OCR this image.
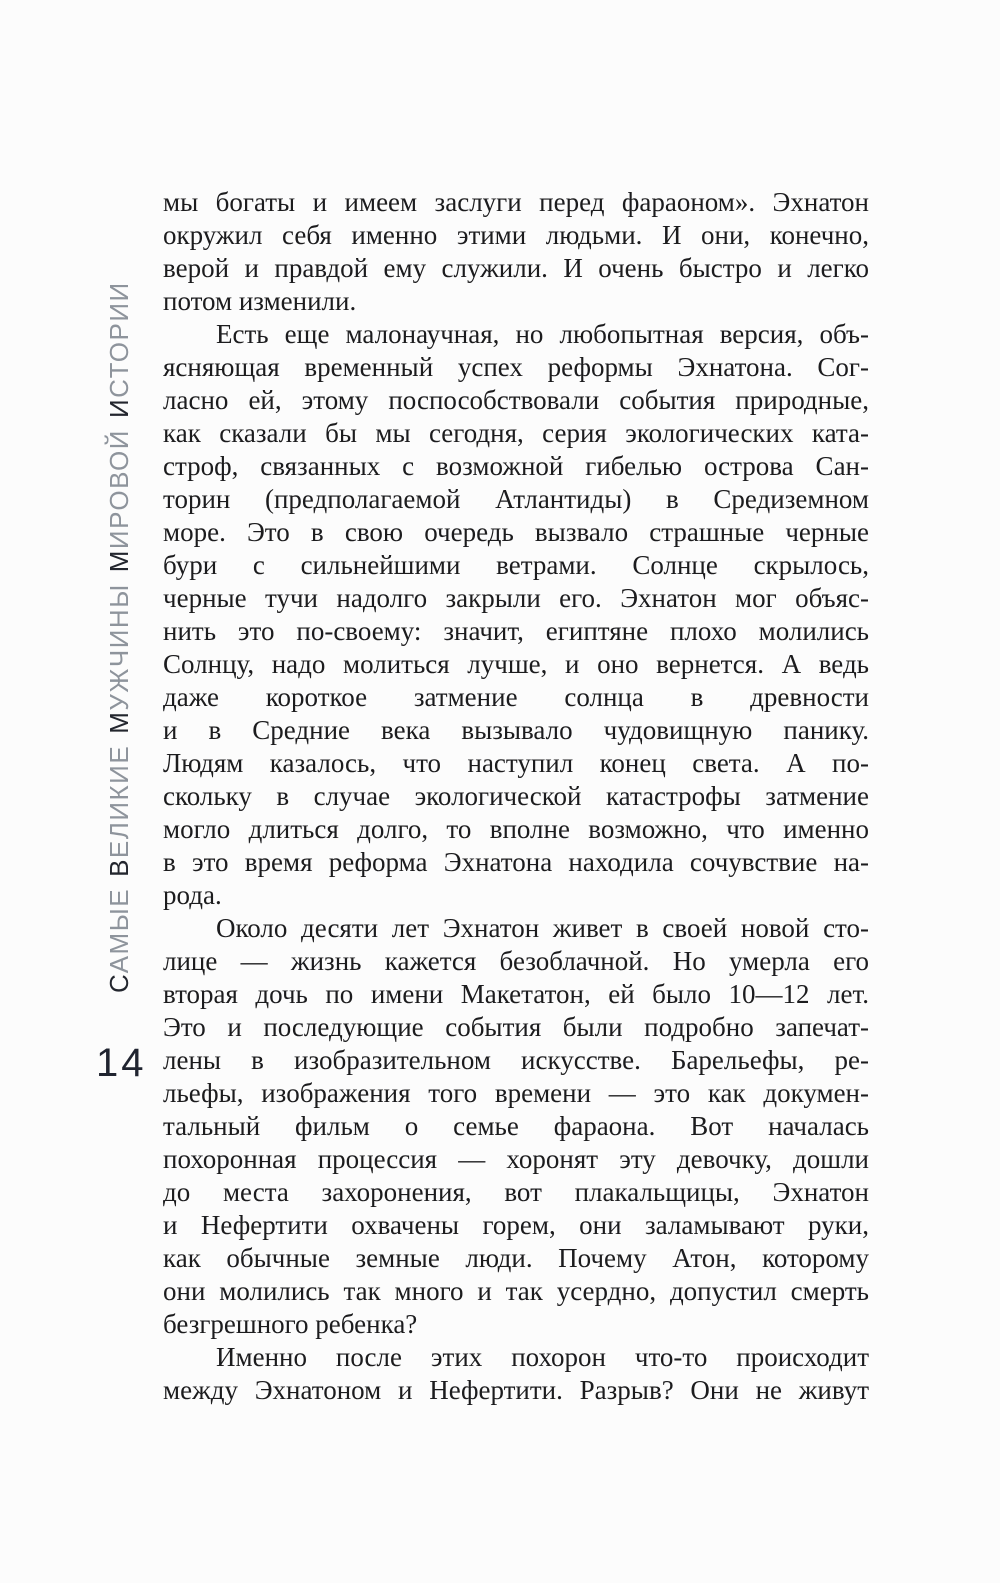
САМЫЕВЕЛИКИЕМУЖЧИНЫМИРОВОЙИСТОРИИ
14
мы богаты и имеем заслуги перед фараоном». Эхнатон
окружил себя именно этими людьми. И они, конечно,
верой и правдой ему служили. И очень быстро и легко
потом изменили.
Есть еще малонаучная, но любопытная версия, объ-
ясняющая временный успех реформы Эхнатона. Сог-
ласно ей, этому поспособствовали события природные,
как сказали бы мы сегодня, серия экологических ката-
строф, связанных с возможной гибелью острова Сан-
торин (предполагаемой Атлантиды) в Средиземном
море. Это в свою очередь вызвало страшные черные
бури с сильнейшими ветрами. Солнце скрылось,
черные тучи надолго закрыли его. Эхнатон мог объяс-
нить это по-своему: значит, египтяне плохо молились
Солнцу, надо молиться лучше, и оно вернется. А ведь
даже короткое затмение солнца в древности
и в Средние века вызывало чудовищную панику.
Людям казалось, что наступил конец света. А по-
скольку в случае экологической катастрофы затмение
могло длиться долго, то вполне возможно, что именно
в это время реформа Эхнатона находила сочувствие на-
рода.
Около десяти лет Эхнатон живет в своей новой сто-
лице — жизнь кажется безоблачной. Но умерла его
вторая дочь по имени Макетатон, ей было 10—12 лет.
Это и последующие события были подробно запечат-
лены в изобразительном искусстве. Барельефы, ре-
льефы, изображения того времени — это как докумен-
тальный фильм о семье фараона. Вот началась
похоронная процессия — хоронят эту девочку, дошли
до места захоронения, вот плакальщицы, Эхнатон
и Нефертити охвачены горем, они заламывают руки,
как обычные земные люди. Почему Атон, которому
они молились так много и так усердно, допустил смерть
безгрешного ребенка?
Именно после этих похорон что-то происходит
между Эхнатоном и Нефертити. Разрыв? Они не живут
